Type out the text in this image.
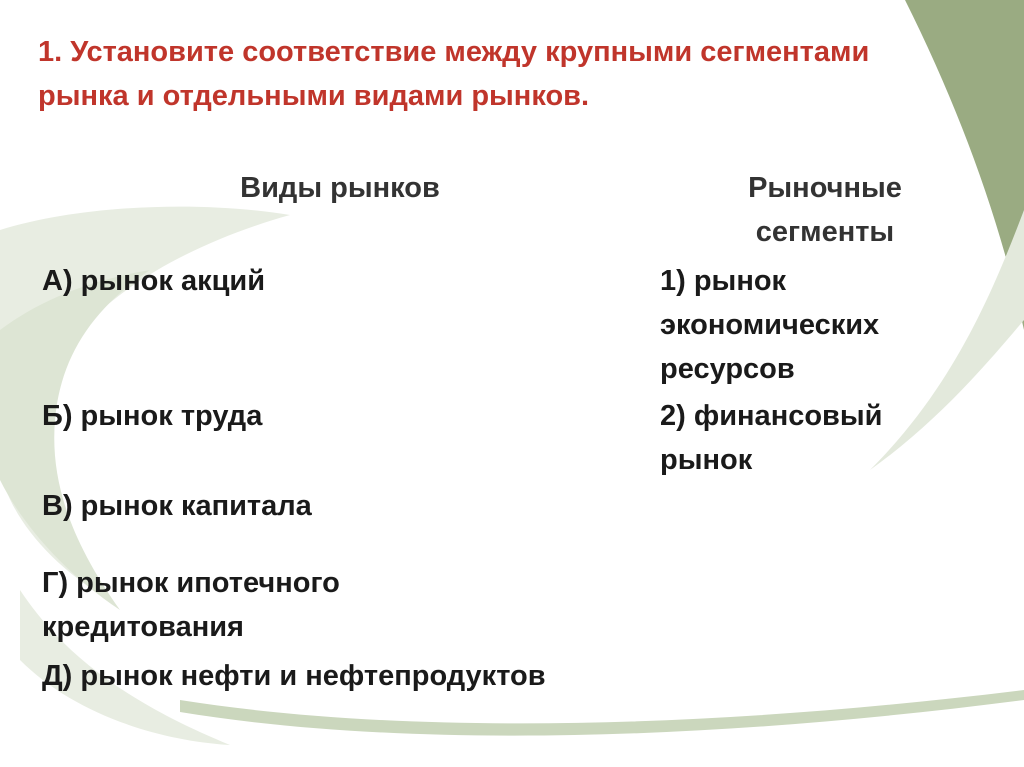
1. Установите соответствие между крупными сегментами рынка и отдельными видами рынков.
Виды рынков	Рыночные сегменты
А) рынок акций
Б) рынок труда
В) рынок капитала
Г) рынок ипотечного кредитования
Д) рынок нефти и нефтепродуктов
1) рынок экономических ресурсов
2) финансовый рынок
